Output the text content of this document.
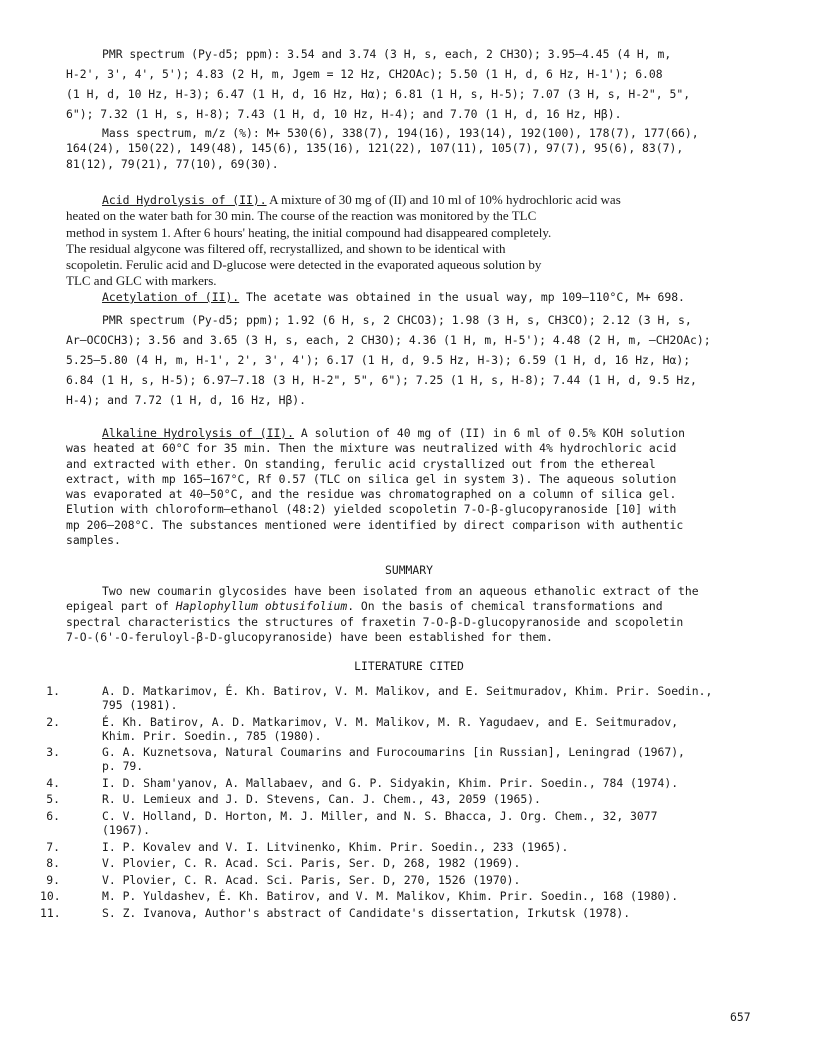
PMR spectrum (Py-d5; ppm): 3.54 and 3.74 (3 H, s, each, 2 CH3O); 3.95–4.45 (4 H, m,
H-2', 3', 4', 5'); 4.83 (2 H, m, Jgem = 12 Hz, CH2OAc); 5.50 (1 H, d, 6 Hz, H-1'); 6.08
(1 H, d, 10 Hz, H-3); 6.47 (1 H, d, 16 Hz, Hα); 6.81 (1 H, s, H-5); 7.07 (3 H, s, H-2", 5",
6"); 7.32 (1 H, s, H-8); 7.43 (1 H, d, 10 Hz, H-4); and 7.70 (1 H, d, 16 Hz, Hβ).

Mass spectrum, m/z (%): M+ 530(6), 338(7), 194(16), 193(14), 192(100), 178(7), 177(66),
164(24), 150(22), 149(48), 145(6), 135(16), 121(22), 107(11), 105(7), 97(7), 95(6), 83(7),
81(12), 79(21), 77(10), 69(30).

Acid Hydrolysis of (II). A mixture of 30 mg of (II) and 10 ml of 10% hydrochloric acid was
heated on the water bath for 30 min. The course of the reaction was monitored by the TLC
method in system 1. After 6 hours' heating, the initial compound had disappeared completely.
The residual algycone was filtered off, recrystallized, and shown to be identical with
scopoletin. Ferulic acid and D-glucose were detected in the evaporated aqueous solution by
TLC and GLC with markers.

Acetylation of (II). The acetate was obtained in the usual way, mp 109–110°C, M+ 698.

PMR spectrum (Py-d5; ppm); 1.92 (6 H, s, 2 CHCO3); 1.98 (3 H, s, CH3CO); 2.12 (3 H, s,
Ar–OCOCH3); 3.56 and 3.65 (3 H, s, each, 2 CH3O); 4.36 (1 H, m, H-5'); 4.48 (2 H, m, –CH2OAc);
5.25–5.80 (4 H, m, H-1', 2', 3', 4'); 6.17 (1 H, d, 9.5 Hz, H-3); 6.59 (1 H, d, 16 Hz, Hα);
6.84 (1 H, s, H-5); 6.97–7.18 (3 H, H-2", 5", 6"); 7.25 (1 H, s, H-8); 7.44 (1 H, d, 9.5 Hz,
H-4); and 7.72 (1 H, d, 16 Hz, Hβ).

Alkaline Hydrolysis of (II). A solution of 40 mg of (II) in 6 ml of 0.5% KOH solution
was heated at 60°C for 35 min. Then the mixture was neutralized with 4% hydrochloric acid
and extracted with ether. On standing, ferulic acid crystallized out from the ethereal
extract, with mp 165–167°C, Rf 0.57 (TLC on silica gel in system 3). The aqueous solution
was evaporated at 40–50°C, and the residue was chromatographed on a column of silica gel.
Elution with chloroform–ethanol (48:2) yielded scopoletin 7-O-β-glucopyranoside [10] with
mp 206–208°C. The substances mentioned were identified by direct comparison with authentic
samples.

SUMMARY

Two new coumarin glycosides have been isolated from an aqueous ethanolic extract of the
epigeal part of Haplophyllum obtusifolium. On the basis of chemical transformations and
spectral characteristics the structures of fraxetin 7-O-β-D-glucopyranoside and scopoletin
7-O-(6'-O-feruloyl-β-D-glucopyranoside) have been established for them.

LITERATURE CITED
1.	A. D. Matkarimov, É. Kh. Batirov, V. M. Malikov, and E. Seitmuradov, Khim. Prir. Soedin.,
795 (1981).
2.	É. Kh. Batirov, A. D. Matkarimov, V. M. Malikov, M. R. Yagudaev, and E. Seitmuradov,
Khim. Prir. Soedin., 785 (1980).
3.	G. A. Kuznetsova, Natural Coumarins and Furocoumarins [in Russian], Leningrad (1967),
p. 79.
4.	I. D. Sham'yanov, A. Mallabaev, and G. P. Sidyakin, Khim. Prir. Soedin., 784 (1974).
5.	R. U. Lemieux and J. D. Stevens, Can. J. Chem., 43, 2059 (1965).
6.	C. V. Holland, D. Horton, M. J. Miller, and N. S. Bhacca, J. Org. Chem., 32, 3077
(1967).
7.	I. P. Kovalev and V. I. Litvinenko, Khim. Prir. Soedin., 233 (1965).
8.	V. Plovier, C. R. Acad. Sci. Paris, Ser. D, 268, 1982 (1969).
9.	V. Plovier, C. R. Acad. Sci. Paris, Ser. D, 270, 1526 (1970).
10.	M. P. Yuldashev, É. Kh. Batirov, and V. M. Malikov, Khim. Prir. Soedin., 168 (1980).
11.	S. Z. Ivanova, Author's abstract of Candidate's dissertation, Irkutsk (1978).
657
